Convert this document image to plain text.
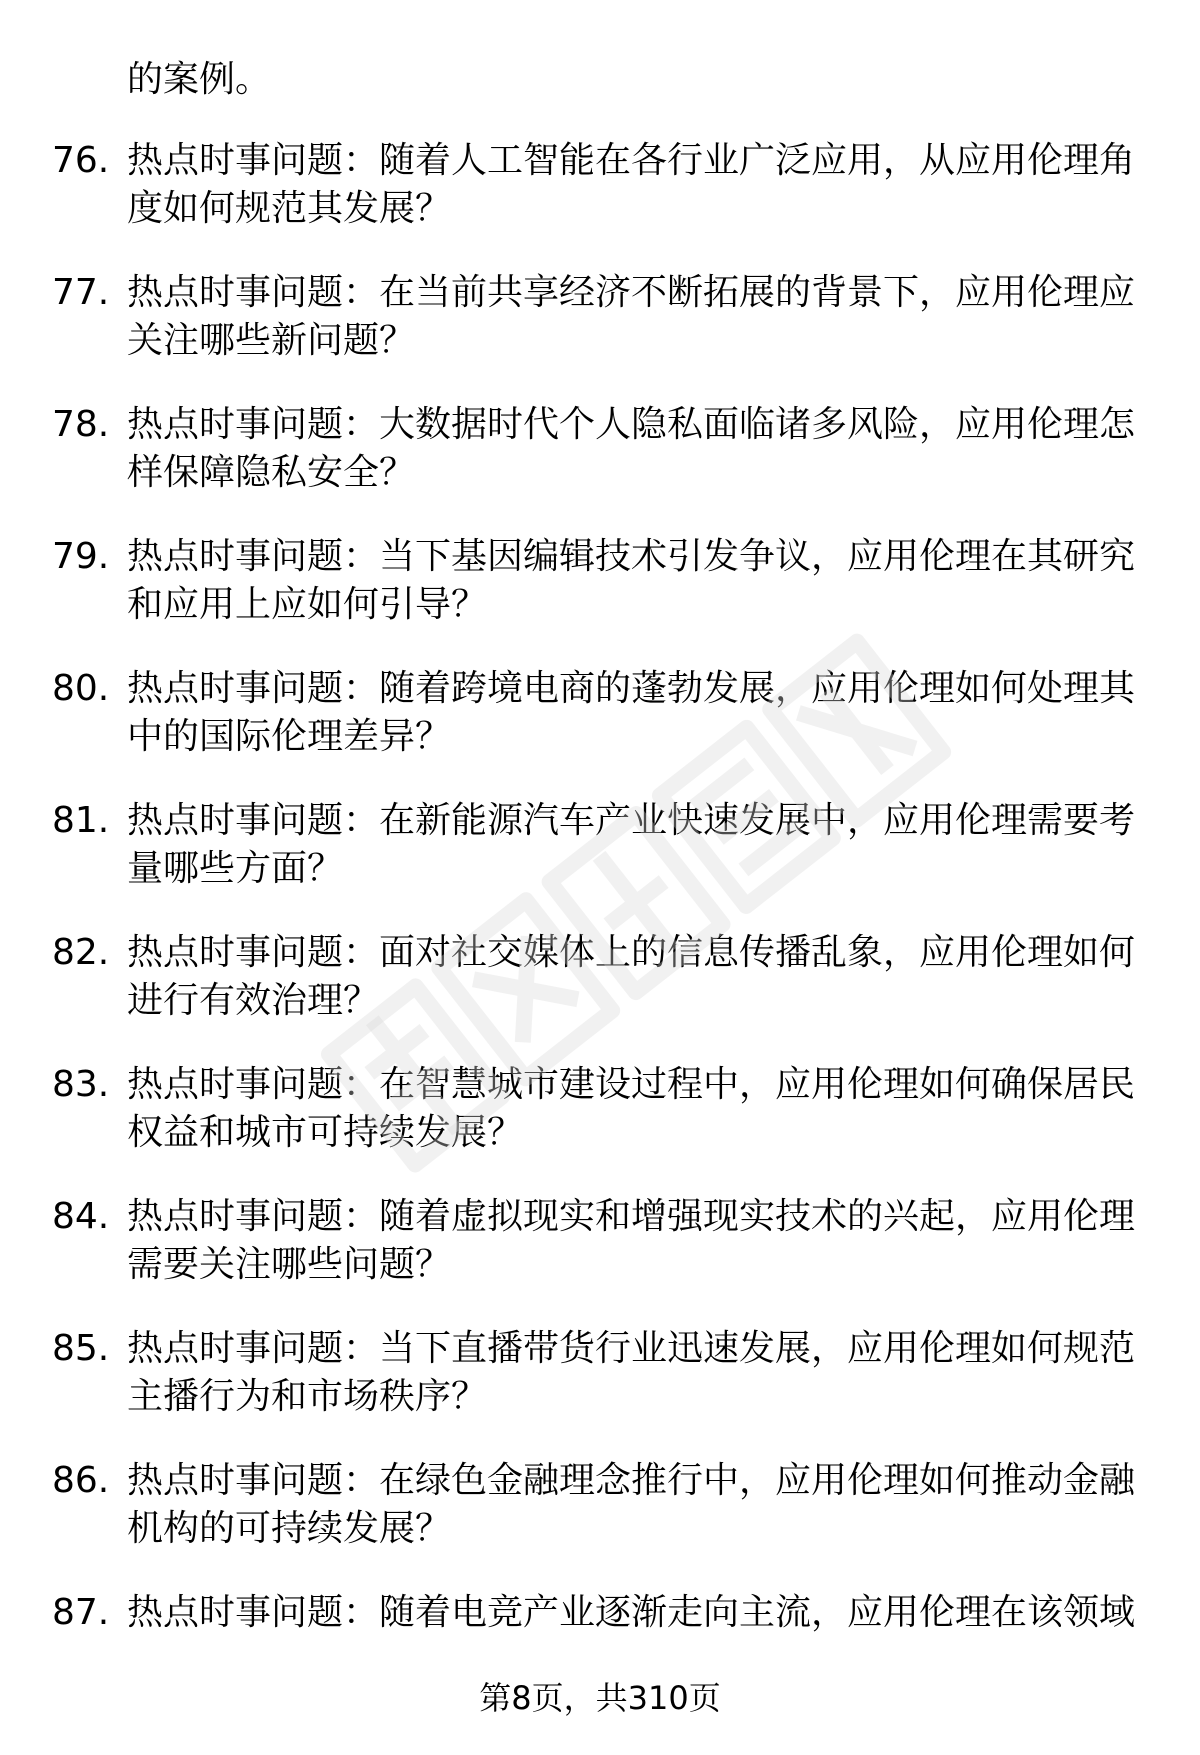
的案例。
76. 热点时事问题：随着人工智能在各行业广泛应用，从应用伦理角
度如何规范其发展？
77. 热点时事问题：在当前共享经济不断拓展的背景下，应用伦理应
关注哪些新问题？
78. 热点时事问题：大数据时代个人隐私面临诸多风险，应用伦理怎
样保障隐私安全？
79. 热点时事问题：当下基因编辑技术引发争议，应用伦理在其研究
和应用上应如何引导？
80. 热点时事问题：随着跨境电商的蓬勃发展，应用伦理如何处理其
中的国际伦理差异？
81. 热点时事问题：在新能源汽车产业快速发展中，应用伦理需要考
量哪些方面？
82. 热点时事问题：面对社交媒体上的信息传播乱象，应用伦理如何
进行有效治理？
83. 热点时事问题：在智慧城市建设过程中，应用伦理如何确保居民
权益和城市可持续发展？
84. 热点时事问题：随着虚拟现实和增强现实技术的兴起，应用伦理
需要关注哪些问题？
85. 热点时事问题：当下直播带货行业迅速发展，应用伦理如何规范
主播行为和市场秩序？
86. 热点时事问题：在绿色金融理念推行中，应用伦理如何推动金融
机构的可持续发展？
87. 热点时事问题：随着电竞产业逐渐走向主流，应用伦理在该领域
第8页，共310页
